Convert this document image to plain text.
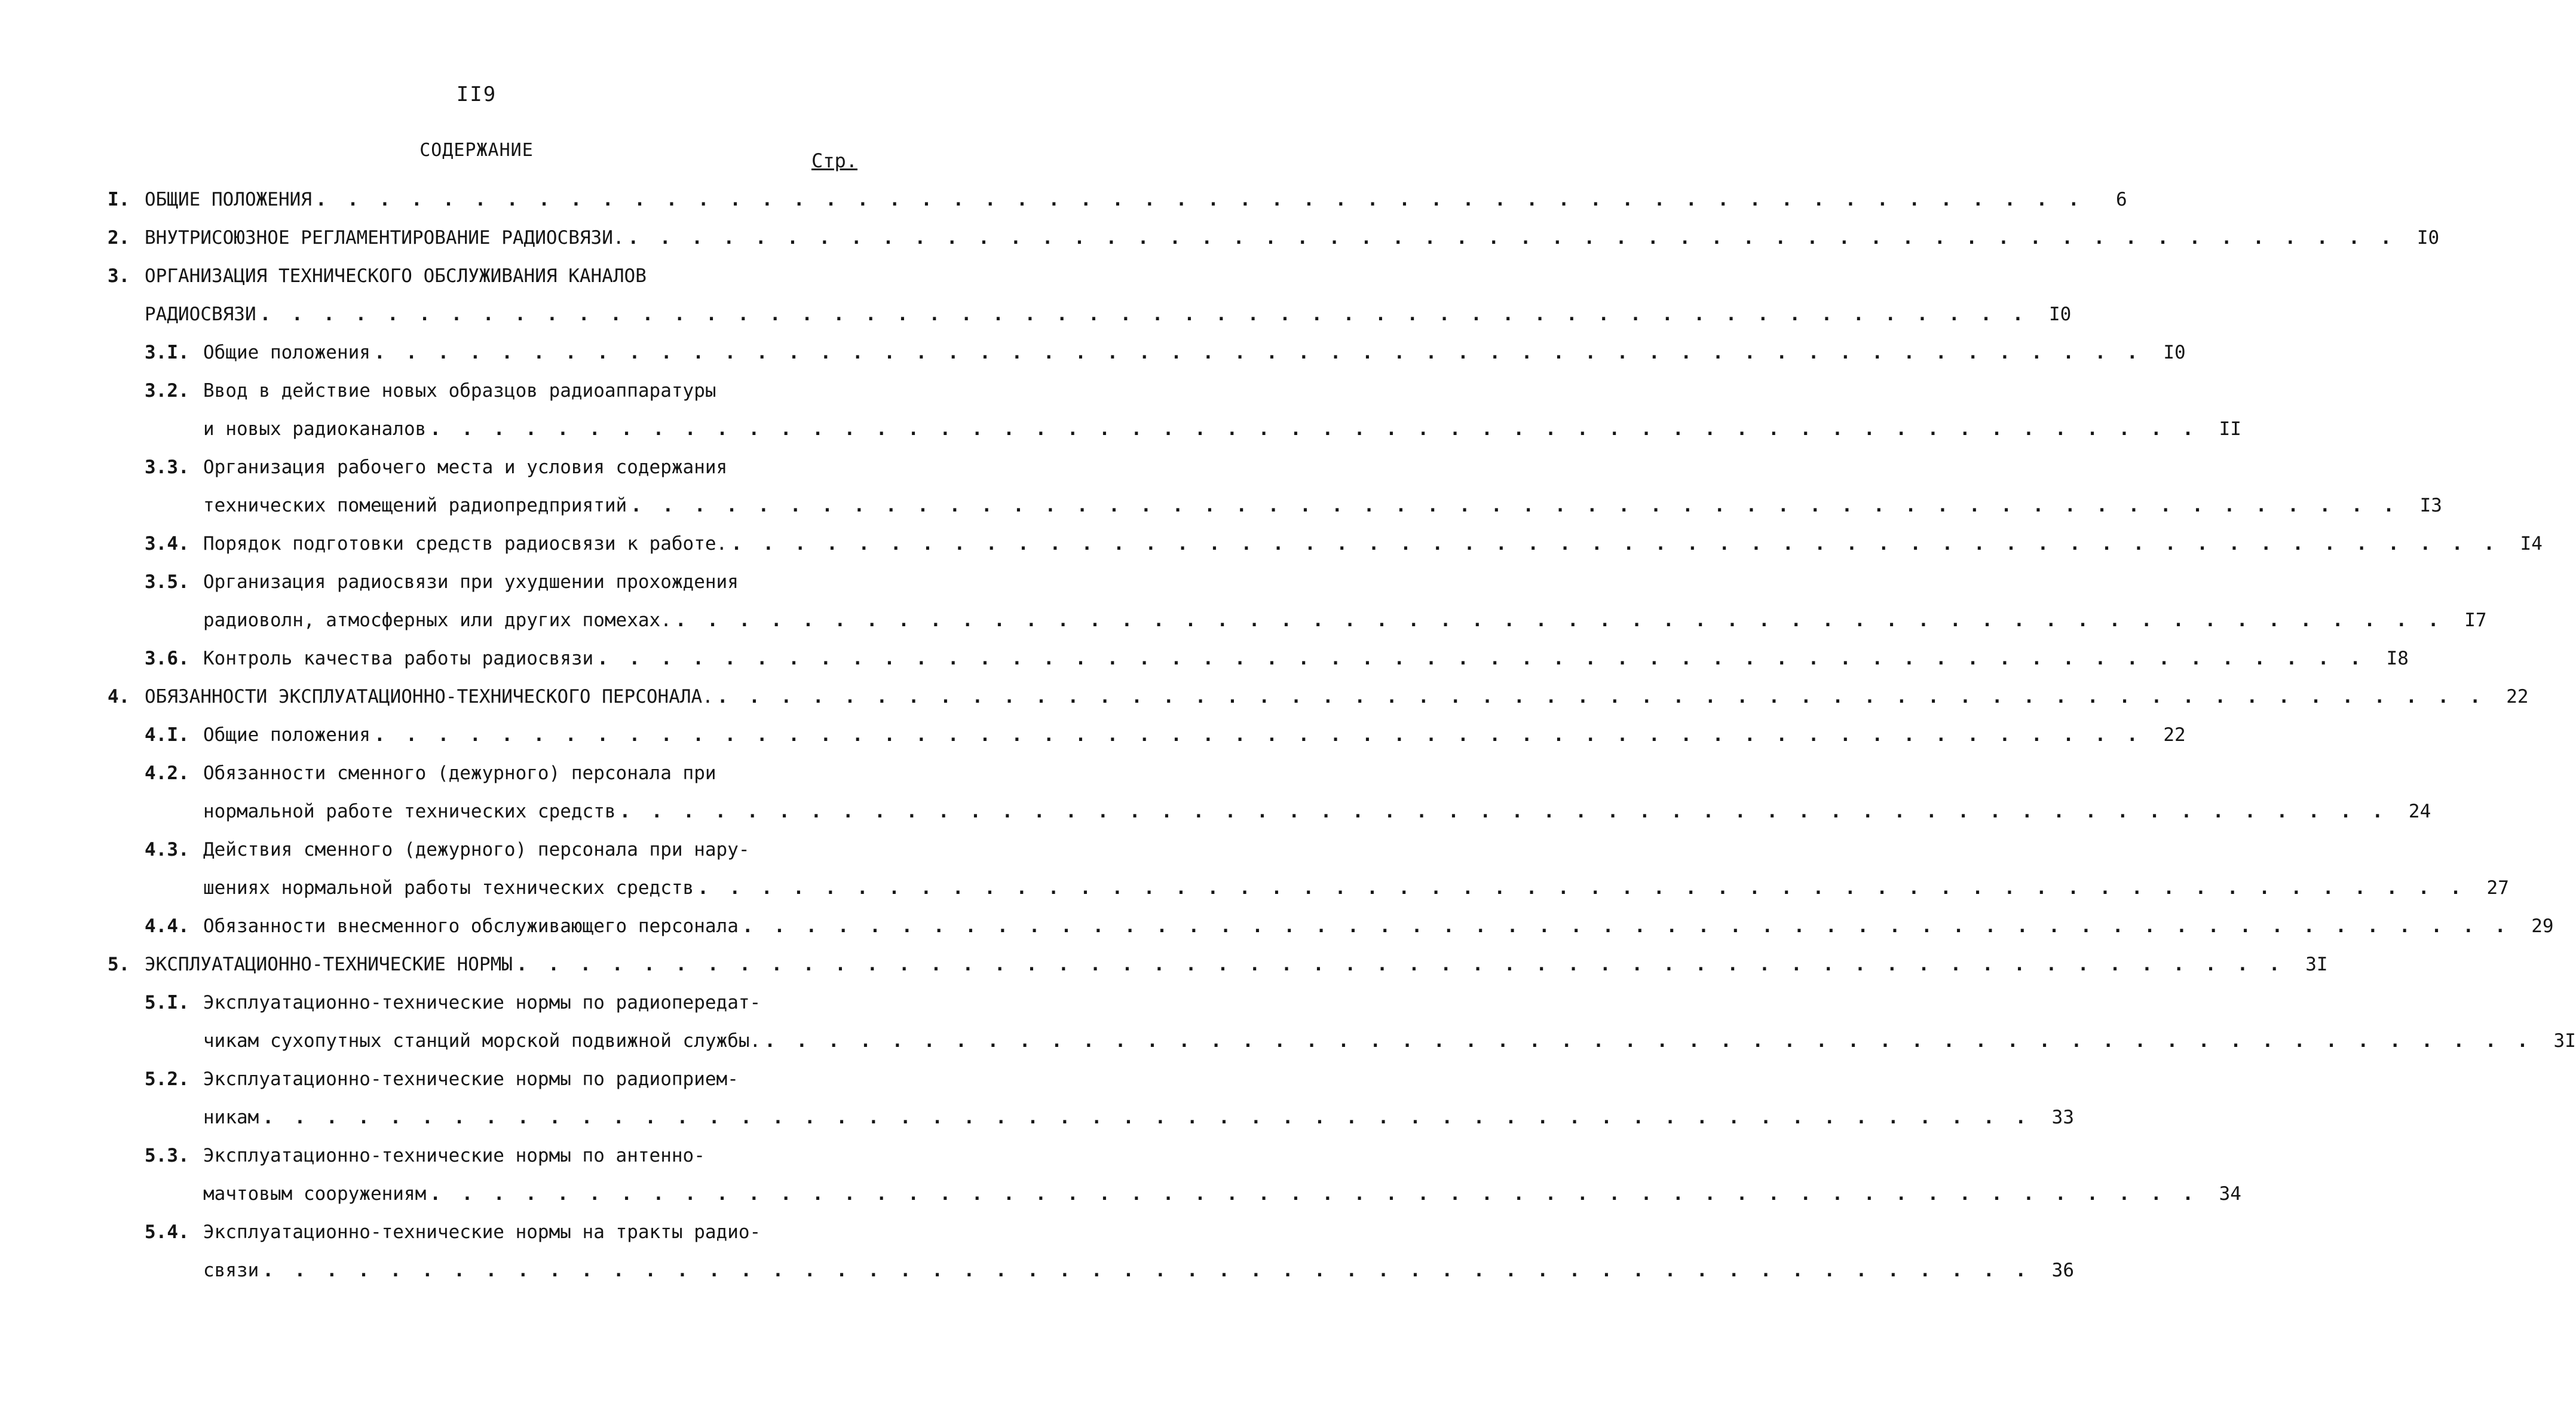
II9
СОДЕРЖАНИЕ	Стр.
I. ОБЩИЕ ПОЛОЖЕНИЯ . . . . . . . . . . . . . . . . . . . . . . . . . . . . . . . . . . . . . . . . . . . . . . . . . . . . . . . .	6
2. ВНУТРИСОЮЗНОЕ РЕГЛАМЕНТИРОВАНИЕ РАДИОСВЯЗИ. . . . . . . . . . . . . . . . . . . . . . . . . . . . . . . . . . . . . . . . . . . . . . . . . . . . . . . . .	I0
3. ОРГАНИЗАЦИЯ ТЕХНИЧЕСКОГО ОБСЛУЖИВАНИЯ КАНАЛОВ
РАДИОСВЯЗИ . . . . . . . . . . . . . . . . . . . . . . . . . . . . . . . . . . . . . . . . . . . . . . . . . . . . . . . .	I0
3.I. Общие положения . . . . . . . . . . . . . . . . . . . . . . . . . . . . . . . . . . . . . . . . . . . . . . . . . . . . . . . .	I0
3.2. Ввод в действие новых образцов радиоаппаратуры
и новых радиоканалов . . . . . . . . . . . . . . . . . . . . . . . . . . . . . . . . . . . . . . . . . . . . . . . . . . . . . . . .	II
3.3. Организация рабочего места и условия содержания
технических помещений радиопредприятий . . . . . . . . . . . . . . . . . . . . . . . . . . . . . . . . . . . . . . . . . . . . . . . . . . . . . . . .	I3
3.4. Порядок подготовки средств радиосвязи к работе. . . . . . . . . . . . . . . . . . . . . . . . . . . . . . . . . . . . . . . . . . . . . . . . . . . . . . . . .	I4
3.5. Организация радиосвязи при ухудшении прохождения
радиоволн, атмосферных или других помехах. . . . . . . . . . . . . . . . . . . . . . . . . . . . . . . . . . . . . . . . . . . . . . . . . . . . . . . . .	I7
3.6. Контроль качества работы радиосвязи . . . . . . . . . . . . . . . . . . . . . . . . . . . . . . . . . . . . . . . . . . . . . . . . . . . . . . . .	I8
4. ОБЯЗАННОСТИ ЭКСПЛУАТАЦИОННО-ТЕХНИЧЕСКОГО ПЕРСОНАЛА. . . . . . . . . . . . . . . . . . . . . . . . . . . . . . . . . . . . . . . . . . . . . . . . . . . . . . . . .	22
4.I. Общие положения . . . . . . . . . . . . . . . . . . . . . . . . . . . . . . . . . . . . . . . . . . . . . . . . . . . . . . . .	22
4.2. Обязанности сменного (дежурного) персонала при
нормальной работе технических средств . . . . . . . . . . . . . . . . . . . . . . . . . . . . . . . . . . . . . . . . . . . . . . . . . . . . . . . .	24
4.3. Действия сменного (дежурного) персонала при нару-
шениях нормальной работы технических средств . . . . . . . . . . . . . . . . . . . . . . . . . . . . . . . . . . . . . . . . . . . . . . . . . . . . . . . .	27
4.4. Обязанности внесменного обслуживающего персонала . . . . . . . . . . . . . . . . . . . . . . . . . . . . . . . . . . . . . . . . . . . . . . . . . . . . . . . .	29
5. ЭКСПЛУАТАЦИОННО-ТЕХНИЧЕСКИЕ НОРМЫ . . . . . . . . . . . . . . . . . . . . . . . . . . . . . . . . . . . . . . . . . . . . . . . . . . . . . . . .	3I
5.I. Эксплуатационно-технические нормы по радиопередат-
чикам сухопутных станций морской подвижной службы. . . . . . . . . . . . . . . . . . . . . . . . . . . . . . . . . . . . . . . . . . . . . . . . . . . . . . . . .	3I
5.2. Эксплуатационно-технические нормы по радиоприем-
никам . . . . . . . . . . . . . . . . . . . . . . . . . . . . . . . . . . . . . . . . . . . . . . . . . . . . . . . .	33
5.3. Эксплуатационно-технические нормы по антенно-
мачтовым сооружениям . . . . . . . . . . . . . . . . . . . . . . . . . . . . . . . . . . . . . . . . . . . . . . . . . . . . . . . .	34
5.4. Эксплуатационно-технические нормы на тракты радио-
связи . . . . . . . . . . . . . . . . . . . . . . . . . . . . . . . . . . . . . . . . . . . . . . . . . . . . . . . .	36
